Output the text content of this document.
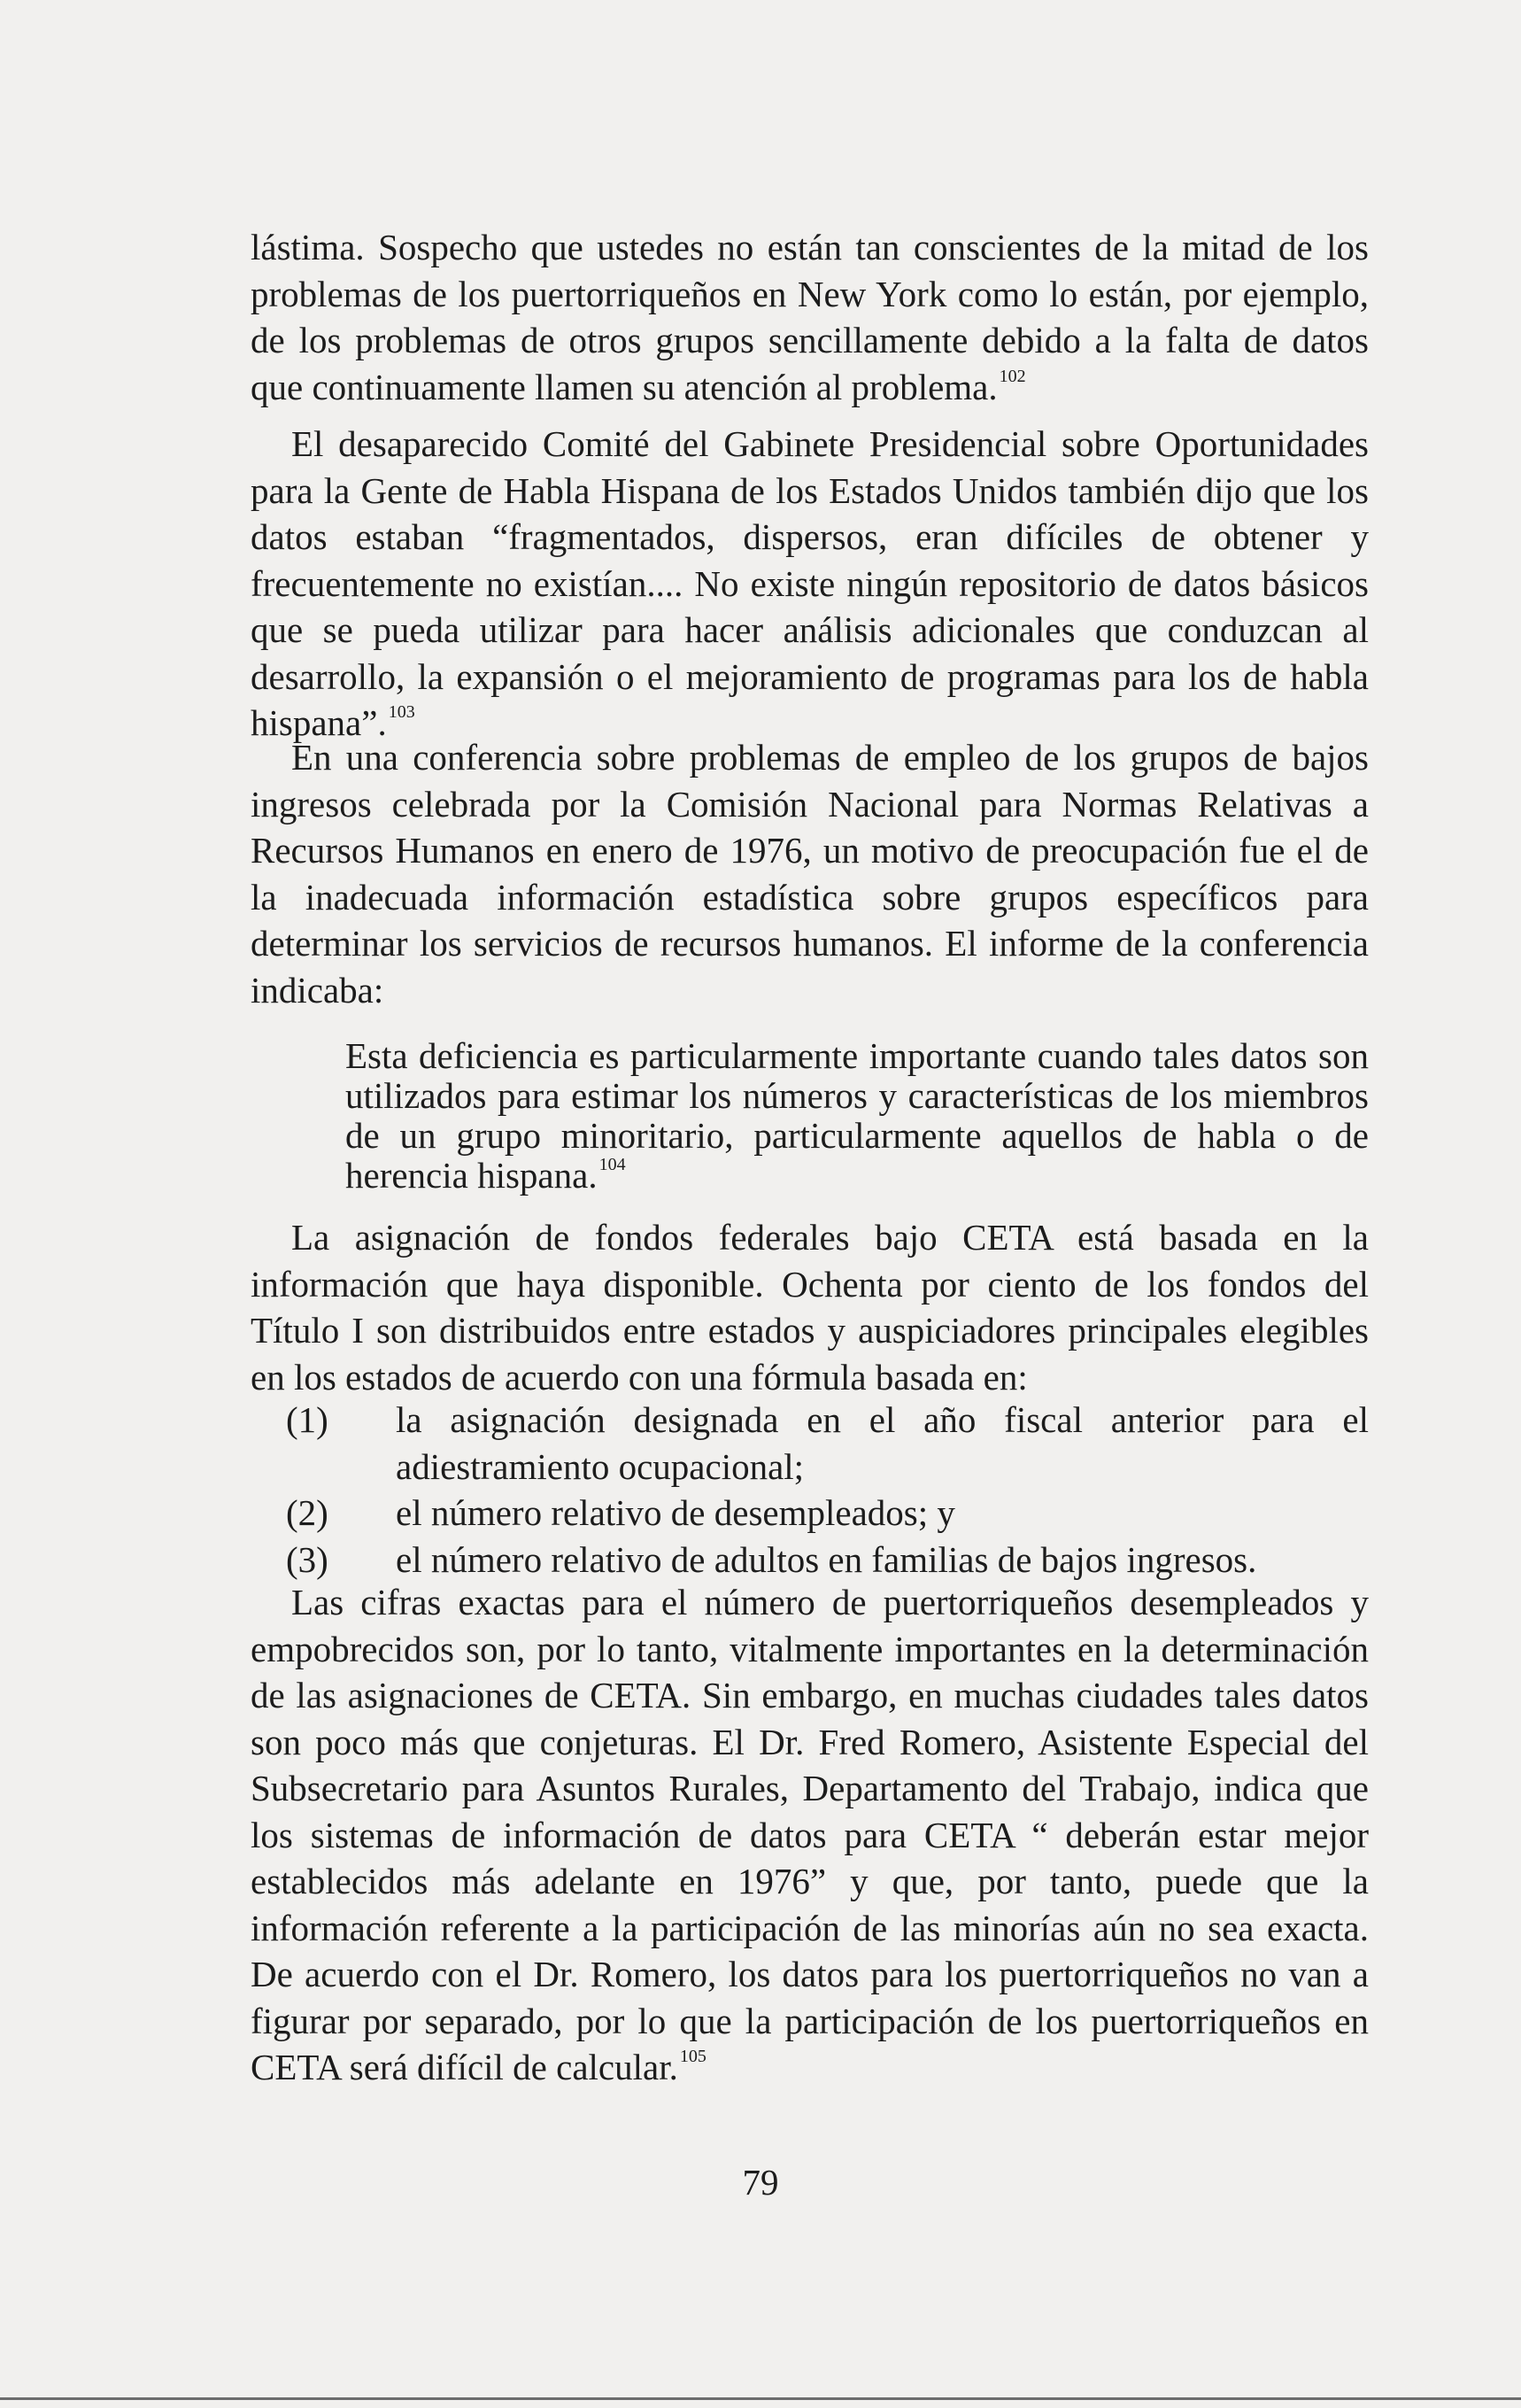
lástima. Sospecho que ustedes no están tan conscientes de la mitad de los problemas de los puertorriqueños en New York como lo están, por ejemplo, de los problemas de otros grupos sencillamente debido a la falta de datos que continuamente llamen su atención al problema. $^{102}$

El desaparecido Comité del Gabinete Presidencial sobre Oportunidades para la Gente de Habla Hispana de los Estados Unidos también dijo que los datos estaban “fragmentados, dispersos, eran difíciles de obtener y frecuentemente no existían.... No existe ningún repositorio de datos básicos que se pueda utilizar para hacer análisis adicionales que conduzcan al desarrollo, la expansión o el mejoramiento de programas para los de habla hispana”. $^{103}$

En una conferencia sobre problemas de empleo de los grupos de bajos ingresos celebrada por la Comisión Nacional para Normas Relativas a Recursos Humanos en enero de 1976, un motivo de preocupación fue el de la inadecuada información estadística sobre grupos específicos para determinar los servicios de recursos humanos. El informe de la conferencia indicaba:

Esta deficiencia es particularmente importante cuando tales datos son utilizados para estimar los números y características de los miembros de un grupo minoritario, particularmente aquellos de habla o de herencia hispana. $^{104}$

La asignación de fondos federales bajo CETA está basada en la información que haya disponible. Ochenta por ciento de los fondos del Título I son distribuidos entre estados y auspiciadores principales elegibles en los estados de acuerdo con una fórmula basada en:

(1)	la asignación designada en el año fiscal anterior para el adiestramiento ocupacional;
(2)	el número relativo de desempleados; y
(3)	el número relativo de adultos en familias de bajos ingresos.

Las cifras exactas para el número de puertorriqueños desempleados y empobrecidos son, por lo tanto, vitalmente importantes en la determinación de las asignaciones de CETA. Sin embargo, en muchas ciudades tales datos son poco más que conjeturas. El Dr. Fred Romero, Asistente Especial del Subsecretario para Asuntos Rurales, Departamento del Trabajo, indica que los sistemas de información de datos para CETA “ deberán estar mejor establecidos más adelante en 1976” y que, por tanto, puede que la información referente a la participación de las minorías aún no sea exacta. De acuerdo con el Dr. Romero, los datos para los puertorriqueños no van a figurar por separado, por lo que la participación de los puertorriqueños en CETA será difícil de calcular. $^{105}$

79
